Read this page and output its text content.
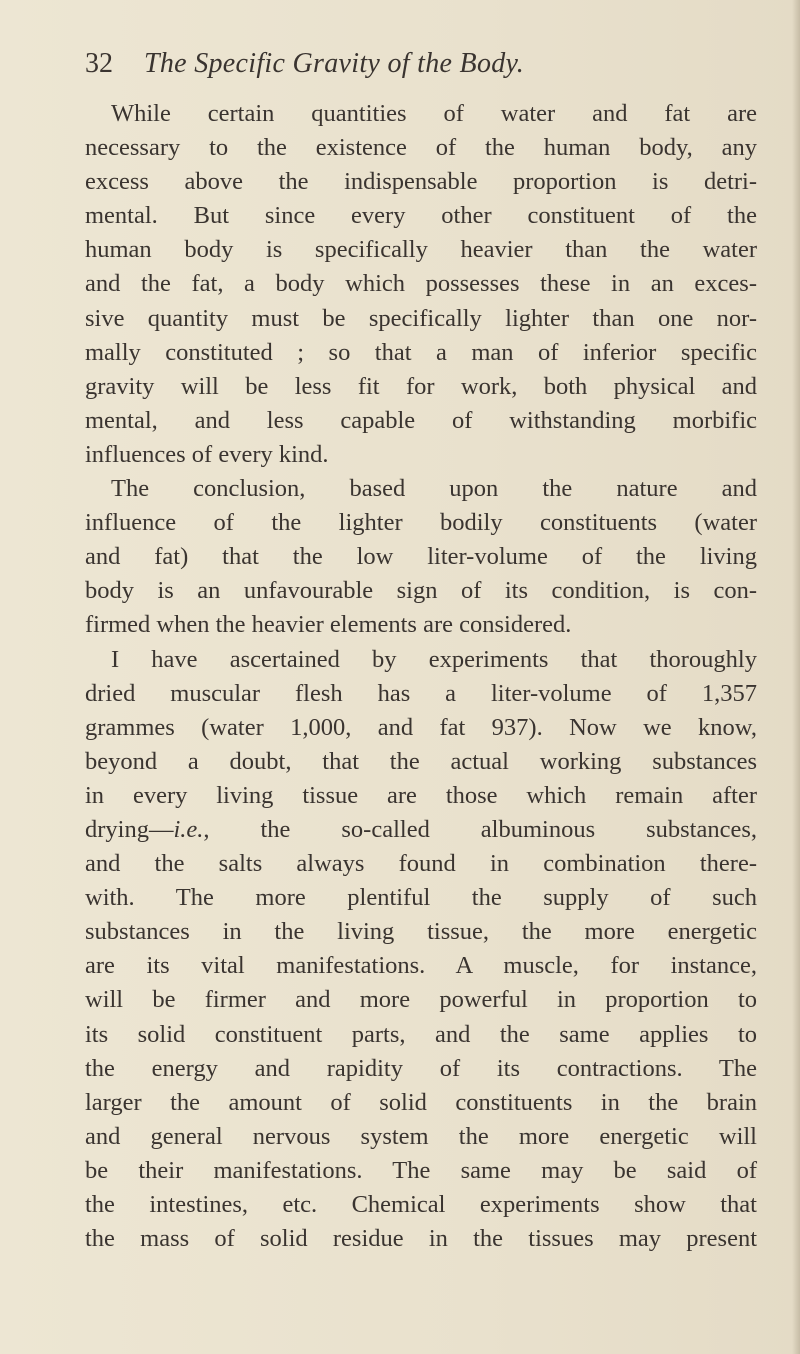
32 The Specific Gravity of the Body.
While certain quantities of water and fat are
necessary to the existence of the human body, any
excess above the indispensable proportion is detri-
mental. But since every other constituent of the
human body is specifically heavier than the water
and the fat, a body which possesses these in an exces-
sive quantity must be specifically lighter than one nor-
mally constituted ; so that a man of inferior specific
gravity will be less fit for work, both physical and
mental, and less capable of withstanding morbific
influences of every kind.
The conclusion, based upon the nature and
influence of the lighter bodily constituents (water
and fat) that the low liter-volume of the living
body is an unfavourable sign of its condition, is con-
firmed when the heavier elements are considered.
I have ascertained by experiments that thoroughly
dried muscular flesh has a liter-volume of 1,357
grammes (water 1,000, and fat 937). Now we know,
beyond a doubt, that the actual working substances
in every living tissue are those which remain after
drying—i.e., the so-called albuminous substances,
and the salts always found in combination there-
with. The more plentiful the supply of such
substances in the living tissue, the more energetic
are its vital manifestations. A muscle, for instance,
will be firmer and more powerful in proportion to
its solid constituent parts, and the same applies to
the energy and rapidity of its contractions. The
larger the amount of solid constituents in the brain
and general nervous system the more energetic will
be their manifestations. The same may be said of
the intestines, etc. Chemical experiments show that
the mass of solid residue in the tissues may present
